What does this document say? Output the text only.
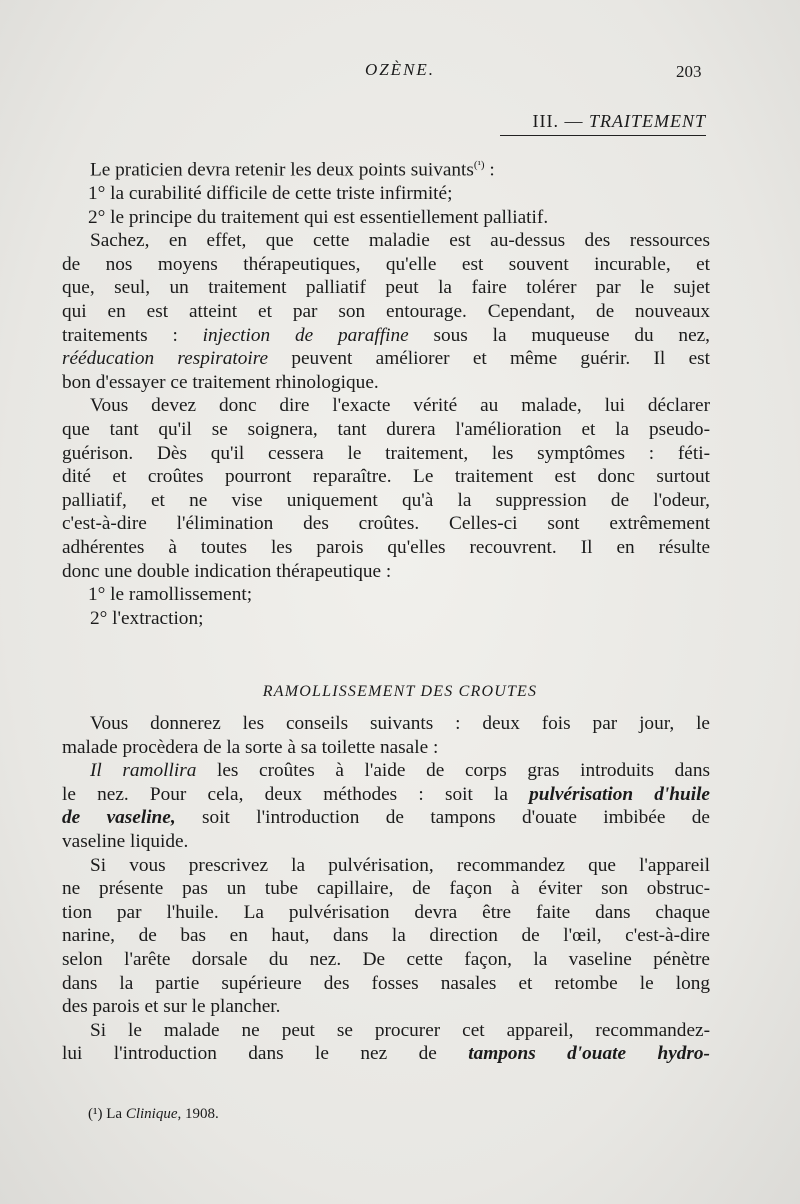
OZÈNE.	203
III. — TRAITEMENT

Le praticien devra retenir les deux points suivants$^{(^1)}$ :

1° la curabilité difficile de cette triste infirmité;

2° le principe du traitement qui est essentiellement palliatif.

Sachez, en effet, que cette maladie est au-dessus des ressources

de nos moyens thérapeutiques, qu'elle est souvent incurable, et

que, seul, un traitement palliatif peut la faire tolérer par le sujet

qui en est atteint et par son entourage. Cependant, de nouveaux

traitements : injection de paraffine sous la muqueuse du nez,

rééducation respiratoire peuvent améliorer et même guérir. Il est

bon d'essayer ce traitement rhinologique.

Vous devez donc dire l'exacte vérité au malade, lui déclarer

que tant qu'il se soignera, tant durera l'amélioration et la pseudo-

guérison. Dès qu'il cessera le traitement, les symptômes : féti-

dité et croûtes pourront reparaître. Le traitement est donc surtout

palliatif, et ne vise uniquement qu'à la suppression de l'odeur,

c'est-à-dire l'élimination des croûtes. Celles-ci sont extrêmement

adhérentes à toutes les parois qu'elles recouvrent. Il en résulte

donc une double indication thérapeutique :

1° le ramollissement;

2° l'extraction;

RAMOLLISSEMENT DES CROUTES

Vous donnerez les conseils suivants : deux fois par jour, le

malade procèdera de la sorte à sa toilette nasale :

Il ramollira les croûtes à l'aide de corps gras introduits dans

le nez. Pour cela, deux méthodes : soit la pulvérisation d'huile

de vaseline, soit l'introduction de tampons d'ouate imbibée de

vaseline liquide.

Si vous prescrivez la pulvérisation, recommandez que l'appareil

ne présente pas un tube capillaire, de façon à éviter son obstruc-

tion par l'huile. La pulvérisation devra être faite dans chaque

narine, de bas en haut, dans la direction de l'œil, c'est-à-dire

selon l'arête dorsale du nez. De cette façon, la vaseline pénètre

dans la partie supérieure des fosses nasales et retombe le long

des parois et sur le plancher.

Si le malade ne peut se procurer cet appareil, recommandez-

lui l'introduction dans le nez de tampons d'ouate hydro-

(¹) La Clinique, 1908.
